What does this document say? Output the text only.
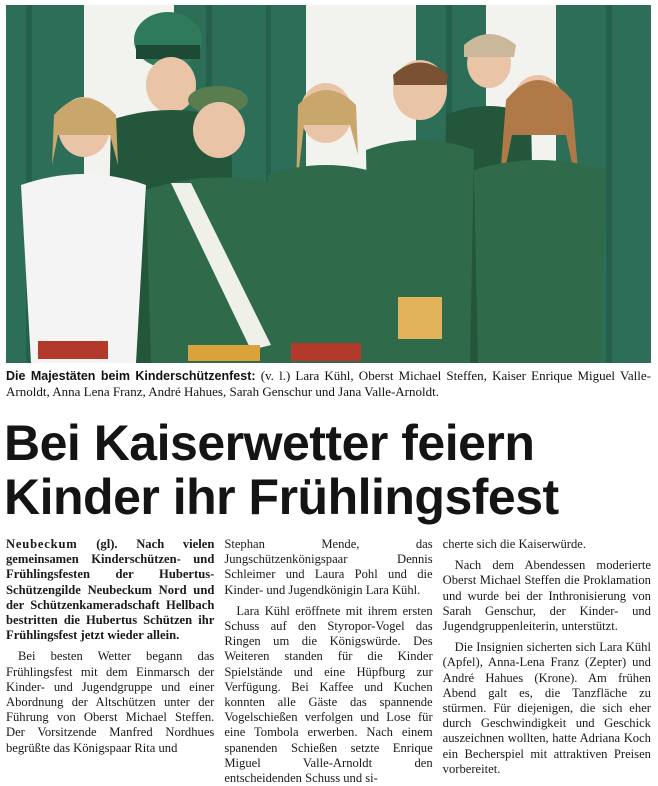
Die Majestäten beim Kinderschützenfest: (v. l.) Lara Kühl, Oberst Michael Steffen, Kaiser Enrique Miguel Valle-Arnoldt, Anna Lena Franz, André Hahues, Sarah Genschur und Jana Valle-Arnoldt.
Bei Kaiserwetter feiern
Kinder ihr Frühlingsfest

Neubeckum (gl). Nach vielen gemeinsamen Kinderschützen- und Frühlingsfesten der Hubertus-Schützengilde Neubeckum Nord und der Schützenkameradschaft Hellbach bestritten die Hubertus Schützen ihr Frühlingsfest jetzt wieder allein.

Bei besten Wetter begann das Frühlingsfest mit dem Einmarsch der Kinder- und Jugendgruppe und einer Abordnung der Altschützen unter der Führung von Oberst Michael Steffen. Der Vorsitzende Manfred Nordhues begrüßte das Königspaar Rita und

Stephan Mende, das Jungschützenkönigspaar Dennis Schleimer und Laura Pohl und die Kinder- und Jugendkönigin Lara Kühl.

Lara Kühl eröffnete mit ihrem ersten Schuss auf den Styropor-Vogel das Ringen um die Königswürde. Des Weiteren standen für die Kinder Spielstände und eine Hüpfburg zur Verfügung. Bei Kaffee und Kuchen konnten alle Gäste das spannende Vogelschießen verfolgen und Lose für eine Tombola erwerben. Nach einem spanenden Schießen setzte Enrique Miguel Valle-Arnoldt den entscheidenden Schuss und si-

cherte sich die Kaiserwürde.

Nach dem Abendessen moderierte Oberst Michael Steffen die Proklamation und wurde bei der Inthronisierung von Sarah Genschur, der Kinder- und Jugendgruppenleiterin, unterstützt.

Die Insignien sicherten sich Lara Kühl (Apfel), Anna-Lena Franz (Zepter) und André Hahues (Krone). Am frühen Abend galt es, die Tanzfläche zu stürmen. Für diejenigen, die sich eher durch Geschwindigkeit und Geschick auszeichnen wollten, hatte Adriana Koch ein Becherspiel mit attraktiven Preisen vorbereitet.
